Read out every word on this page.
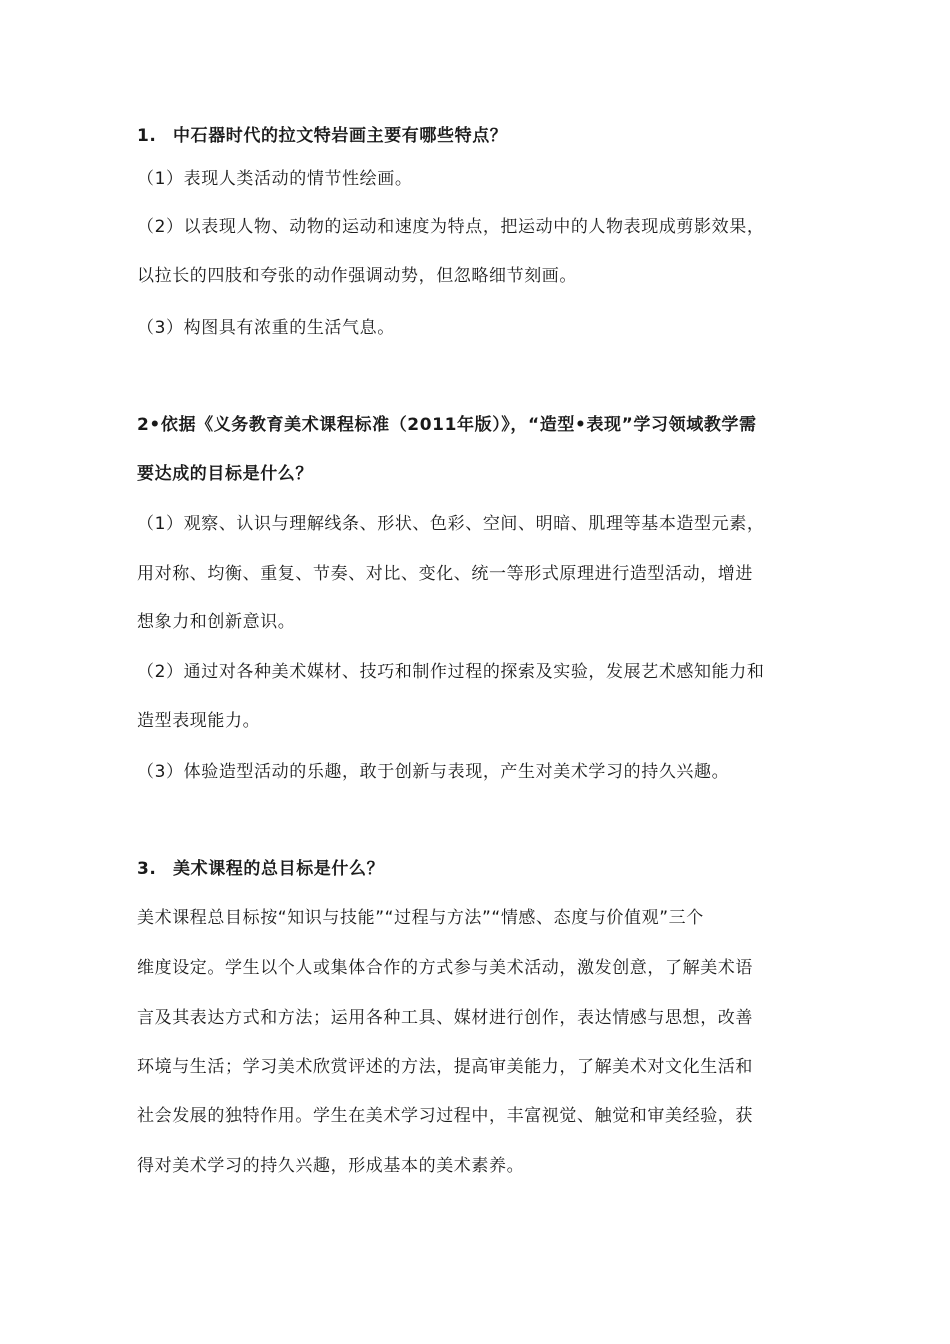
1. 中石器时代的拉文特岩画主要有哪些特点？
（1）表现人类活动的情节性绘画。
（2）以表现人物、动物的运动和速度为特点，把运动中的人物表现成剪影效果，
以拉长的四肢和夸张的动作强调动势，但忽略细节刻画。
（3）构图具有浓重的生活气息。
2•依据《义务教育美术课程标准（2011年版）》，“造型•表现”学习领域教学需
要达成的目标是什么？
（1）观察、认识与理解线条、形状、色彩、空间、明暗、肌理等基本造型元素，
用对称、均衡、重复、节奏、对比、变化、统一等形式原理进行造型活动，增进
想象力和创新意识。
（2）通过对各种美术媒材、技巧和制作过程的探索及实验，发展艺术感知能力和
造型表现能力。
（3）体验造型活动的乐趣，敢于创新与表现，产生对美术学习的持久兴趣。
3. 美术课程的总目标是什么？
美术课程总目标按“知识与技能”“过程与方法”“情感、态度与价值观”三个
维度设定。学生以个人或集体合作的方式参与美术活动，激发创意，了解美术语
言及其表达方式和方法；运用各种工具、媒材进行创作，表达情感与思想，改善
环境与生活；学习美术欣赏评述的方法，提高审美能力，了解美术对文化生活和
社会发展的独特作用。学生在美术学习过程中，丰富视觉、触觉和审美经验，获
得对美术学习的持久兴趣，形成基本的美术素养。
